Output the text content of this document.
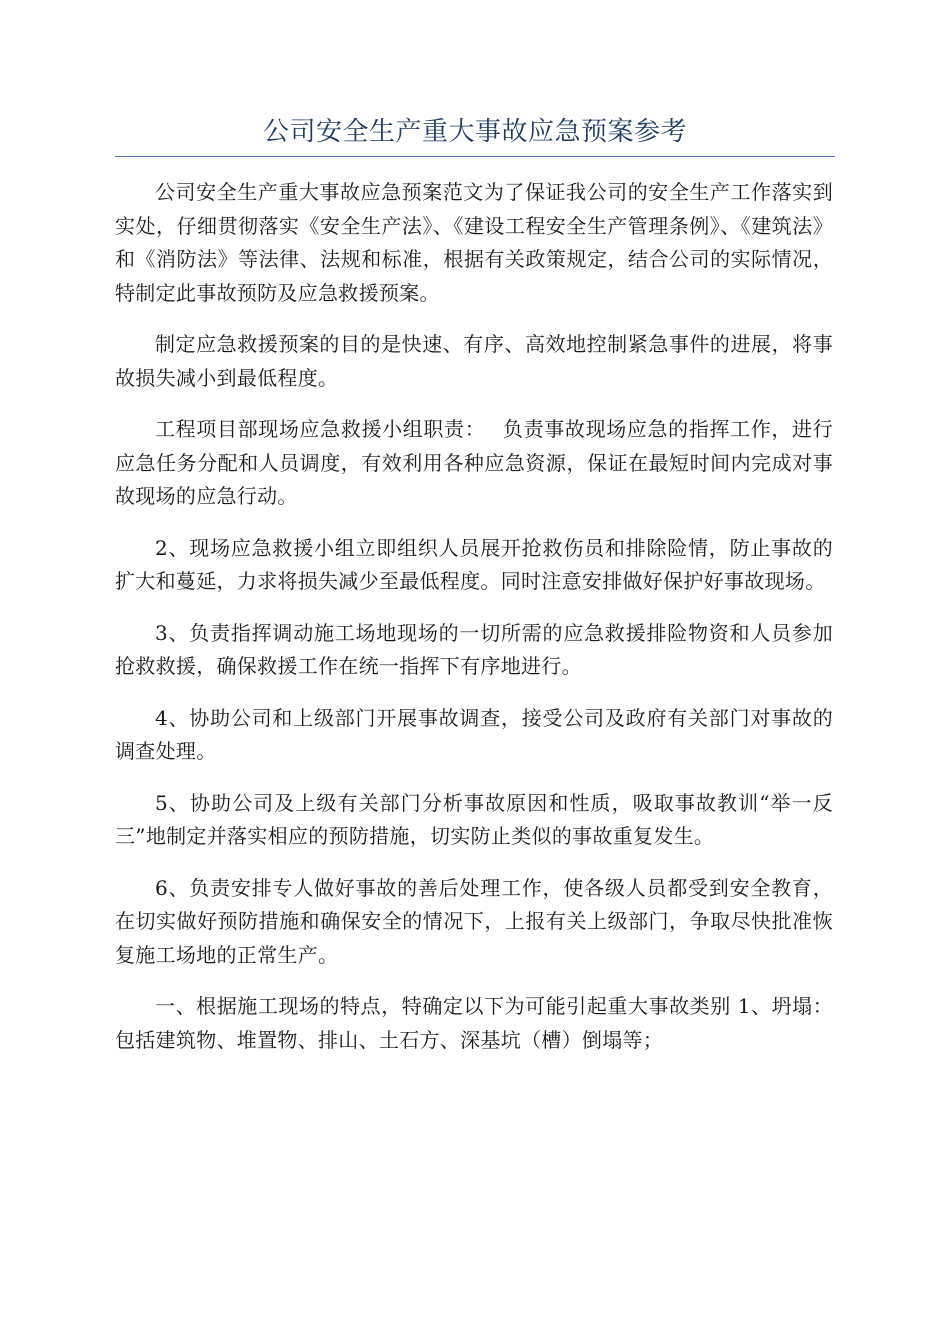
公司安全生产重大事故应急预案参考

公司安全生产重大事故应急预案范文为了保证我公司的安全生产工作落实到实处，仔细贯彻落实《安全生产法》、《建设工程安全生产管理条例》、《建筑法》和《消防法》等法律、法规和标准，根据有关政策规定，结合公司的实际情况，特制定此事故预防及应急救援预案。

制定应急救援预案的目的是快速、有序、高效地控制紧急事件的进展，将事故损失减小到最低程度。

工程项目部现场应急救援小组职责：　 负责事故现场应急的指挥工作，进行应急任务分配和人员调度，有效利用各种应急资源，保证在最短时间内完成对事故现场的应急行动。

2、现场应急救援小组立即组织人员展开抢救伤员和排除险情，防止事故的扩大和蔓延，力求将损失减少至最低程度。同时注意安排做好保护好事故现场。

3、负责指挥调动施工场地现场的一切所需的应急救援排险物资和人员参加抢救救援，确保救援工作在统一指挥下有序地进行。

4、协助公司和上级部门开展事故调查，接受公司及政府有关部门对事故的调查处理。

5、协助公司及上级有关部门分析事故原因和性质，吸取事故教训“举一反三”地制定并落实相应的预防措施，切实防止类似的事故重复发生。

6、负责安排专人做好事故的善后处理工作，使各级人员都受到安全教育，在切实做好预防措施和确保安全的情况下，上报有关上级部门，争取尽快批准恢复施工场地的正常生产。

一、根据施工现场的特点，特确定以下为可能引起重大事故类别 1、坍塌：包括建筑物、堆置物、排山、土石方、深基坑（槽）倒塌等；
